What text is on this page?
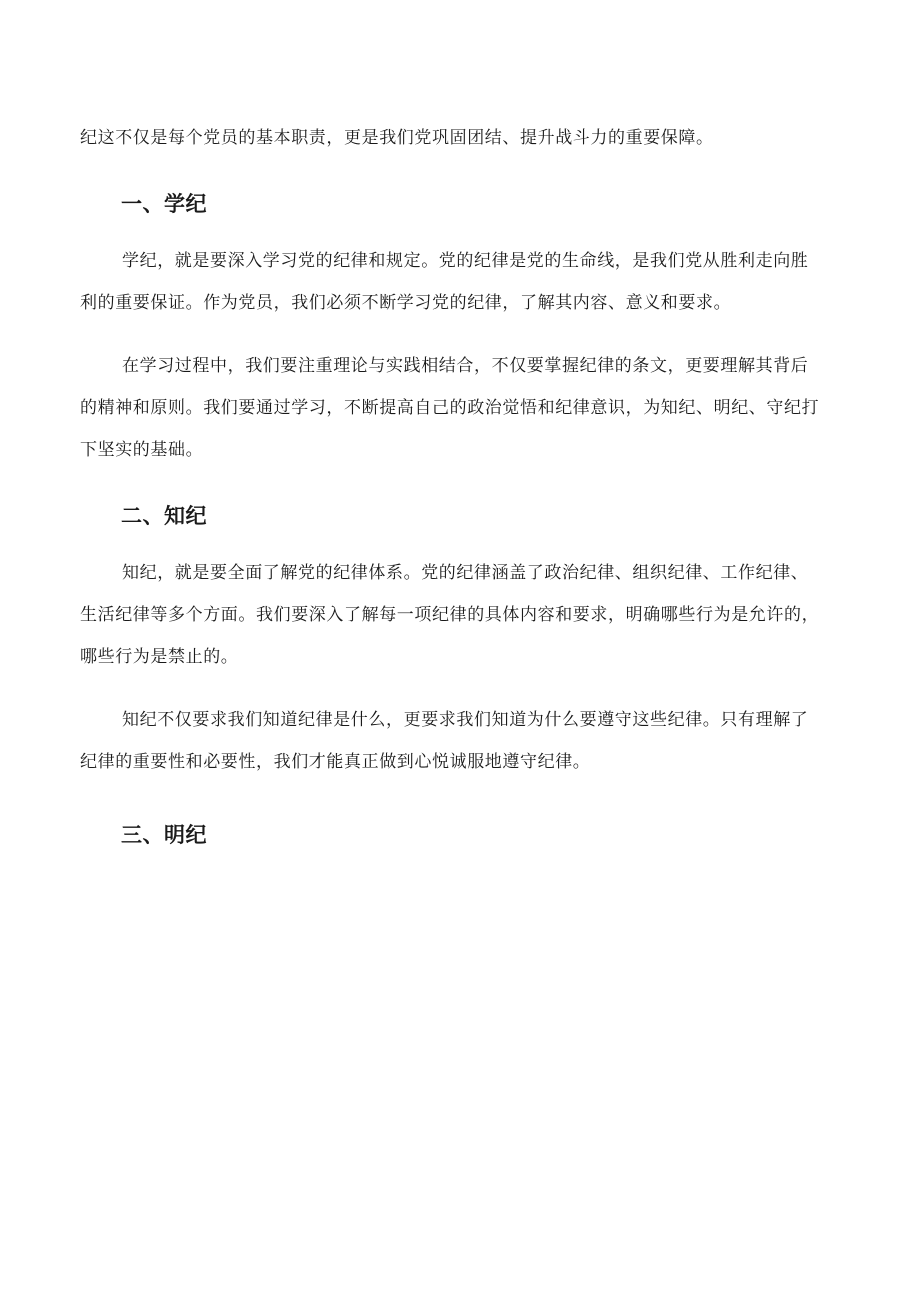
纪这不仅是每个党员的基本职责，更是我们党巩固团结、提升战斗力的重要保障。
一、学纪
学纪，就是要深入学习党的纪律和规定。党的纪律是党的生命线，是我们党从胜利走向胜
利的重要保证。作为党员，我们必须不断学习党的纪律，了解其内容、意义和要求。
在学习过程中，我们要注重理论与实践相结合，不仅要掌握纪律的条文，更要理解其背后
的精神和原则。我们要通过学习，不断提高自己的政治觉悟和纪律意识，为知纪、明纪、守纪打
下坚实的基础。
二、知纪
知纪，就是要全面了解党的纪律体系。党的纪律涵盖了政治纪律、组织纪律、工作纪律、
生活纪律等多个方面。我们要深入了解每一项纪律的具体内容和要求，明确哪些行为是允许的，
哪些行为是禁止的。
知纪不仅要求我们知道纪律是什么，更要求我们知道为什么要遵守这些纪律。只有理解了
纪律的重要性和必要性，我们才能真正做到心悦诚服地遵守纪律。
三、明纪
